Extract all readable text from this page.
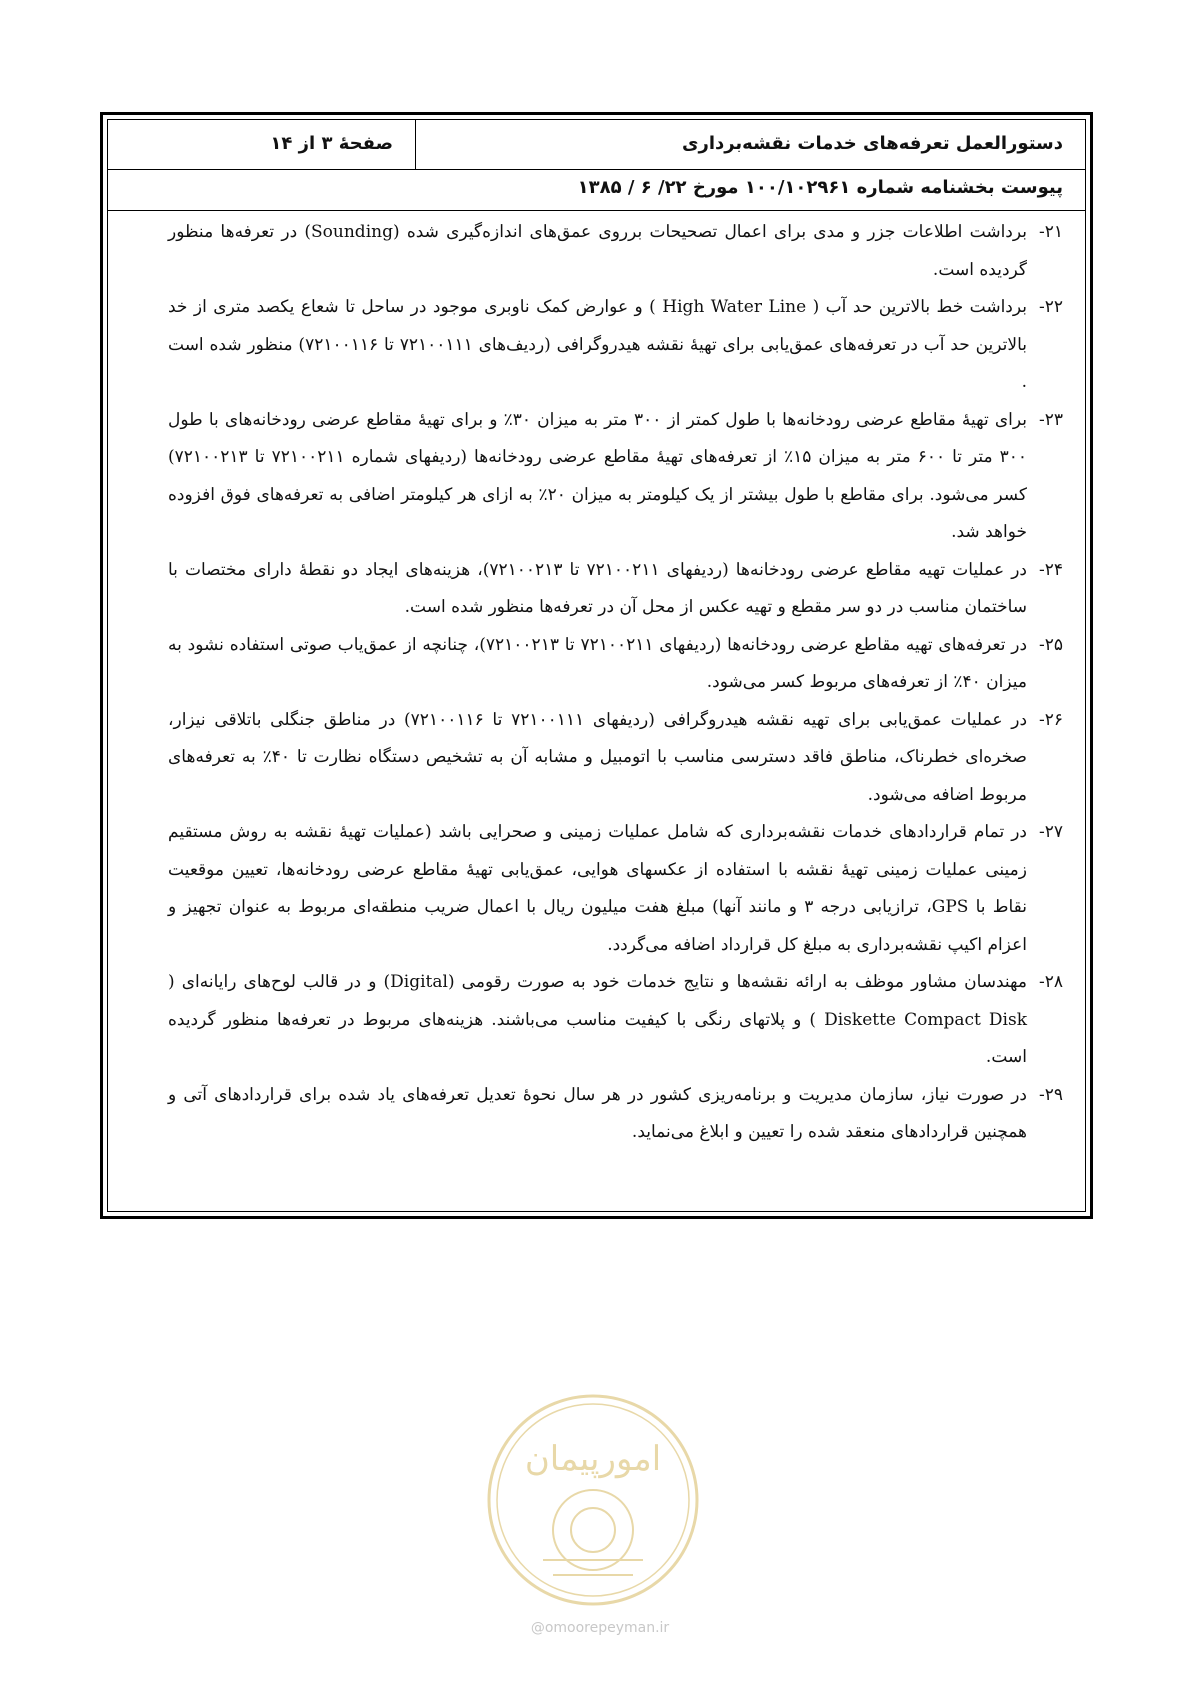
دستورالعمل تعرفه‌های خدمات نقشه‌برداری
صفحهٔ ۳ از ۱۴
پیوست بخشنامه شماره ۱۰۰/۱۰۲۹۶۱ مورخ ۲۲/ ۶ / ۱۳۸۵
۲۱-
برداشت اطلاعات جزر و مدی برای اعمال تصحیحات برروی عمق‌های اندازه‌گیری شده (Sounding) در تعرفه‌ها منظور گردیده است.
۲۲-
برداشت خط بالاترین حد آب ( High Water Line ) و عوارض کمک ناوبری موجود در ساحل تا شعاع یکصد متری از خد بالاترین حد آب در تعرفه‌های عمق‌یابی برای تهیهٔ نقشه هیدروگرافی (ردیف‌های ۷۲۱۰۰۱۱۱ تا ۷۲۱۰۰۱۱۶) منظور شده است .
۲۳-
برای تهیهٔ مقاطع عرضی رودخانه‌ها با طول کمتر از ۳۰۰ متر به میزان ۳۰٪ و برای تهیهٔ مقاطع عرضی رودخانه‌های با طول ۳۰۰ متر تا ۶۰۰ متر به میزان ۱۵٪ از تعرفه‌های تهیهٔ مقاطع عرضی رودخانه‌ها (ردیفهای شماره ۷۲۱۰۰۲۱۱ تا ۷۲۱۰۰۲۱۳) کسر می‌شود. برای مقاطع با طول بیشتر از یک کیلومتر به میزان ۲۰٪ به ازای هر کیلومتر اضافی به تعرفه‌های فوق افزوده خواهد شد.
۲۴-
در عملیات تهیه مقاطع عرضی رودخانه‌ها (ردیفهای ۷۲۱۰۰۲۱۱ تا ۷۲۱۰۰۲۱۳)، هزینه‌های ایجاد دو نقطهٔ دارای مختصات با ساختمان مناسب در دو سر مقطع و تهیه عکس از محل آن در تعرفه‌ها منظور شده است.
۲۵-
در تعرفه‌های تهیه مقاطع عرضی رودخانه‌ها (ردیفهای ۷۲۱۰۰۲۱۱ تا ۷۲۱۰۰۲۱۳)، چنانچه از عمق‌یاب صوتی استفاده نشود به میزان ۴۰٪ از تعرفه‌های مربوط کسر می‌شود.
۲۶-
در عملیات عمق‌یابی برای تهیه نقشه هیدروگرافی (ردیفهای ۷۲۱۰۰۱۱۱ تا ۷۲۱۰۰۱۱۶) در مناطق جنگلی باتلاقی نیزار، صخره‌ای خطرناک، مناطق فاقد دسترسی مناسب با اتومبیل و مشابه آن به تشخیص دستگاه نظارت تا ۴۰٪ به تعرفه‌های مربوط اضافه می‌شود.
۲۷-
در تمام قراردادهای خدمات نقشه‌برداری که شامل عملیات زمینی و صحرایی باشد (عملیات تهیهٔ نقشه به روش مستقیم زمینی عملیات زمینی تهیهٔ نقشه با استفاده از عکسهای هوایی، عمق‌یابی تهیهٔ مقاطع عرضی رودخانه‌ها، تعیین موقعیت نقاط با GPS، ترازیابی درجه ۳ و مانند آنها) مبلغ هفت میلیون ریال با اعمال ضریب منطقه‌ای مربوط به عنوان تجهیز و اعزام اکیپ نقشه‌برداری به مبلغ کل قرارداد اضافه می‌گردد.
۲۸-
مهندسان مشاور موظف به ارائه نقشه‌ها و نتایج خدمات خود به صورت رقومی (Digital) و در قالب لوح‌های رایانه‌ای ( Diskette Compact Disk ) و پلاتهای رنگی با کیفیت مناسب می‌باشند. هزینه‌های مربوط در تعرفه‌ها منظور گردیده است.
۲۹-
در صورت نیاز، سازمان مدیریت و برنامه‌ریزی کشور در هر سال نحوهٔ تعدیل تعرفه‌های یاد شده برای قراردادهای آتی و همچنین قراردادهای منعقد شده را تعیین و ابلاغ می‌نماید.
امورپیمان
@omoorepeyman.ir
